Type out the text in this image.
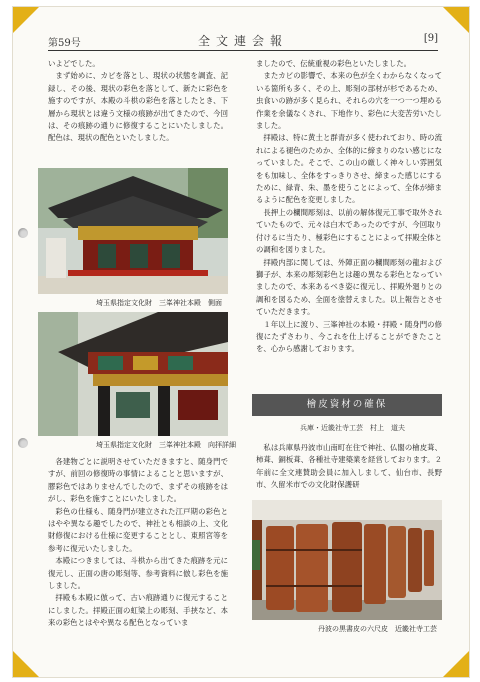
第59号	全文連会報	[9]

いよどでした。

まず始めに、カビを落とし、現状の状態を調査、記録し、その後、現状の彩色を落として、新たに彩色を施すのですが、本殿の斗栱の彩色を落としたとき、下層から現状とは違う文様の痕跡が出てきたので、今回は、その痕跡の通りに修復することにいたしました。配色は、現状の配色といたしました。

埼玉県指定文化財　三峯神社本殿　側面
埼玉県指定文化財　三峯神社本殿　向拝詳細

各建物ごとに説明させていただきますと、随身門ですが、前回の修復時の事情によることと思いますが、膠彩色ではありませんでしたので、まずその痕跡をはがし、彩色を施すことにいたしました。

彩色の仕様も、随身門が建立された江戸期の彩色とはやや異なる趣でしたので、神社とも相談の上、文化財修復における仕様に変更することとし、東照宮等を参考に復元いたしました。

本殿につきましては、斗栱から出てきた痕跡を元に復元し、正面の唐の彫刻等、参考資料に倣し彩色を施しました。

拝殿も本殿に倣って、古い痕跡通りに復元することにしました。拝殿正面の虹梁上の彫刻、手挟など、本来の彩色とはやや異なる配色となっていま

ましたので、伝統重視の彩色といたしました。

またカビの影響で、本来の色が全くわからなくなっている箇所も多く、その上、彫刻の部材が杉であるため、虫食いの跡が多く見られ、それらの穴を一つ一つ埋める作業を余儀なくされ、下地作り、彩色に大変苦労いたしました。

拝殿は、特に黄土と群青が多く使われており、時の流れによる褪色のためか、全体的に締まりのない感じになっていました。そこで、この山の厳しく神々しい雰囲気をも加味し、全体をすっきりさせ、締まった感じにするために、緑青、朱、墨を使うことによって、全体が締まるように配色を変更しました。

長押上の欄間彫刻は、以前の解体復元工事で取外されていたもので、元々は白木であったのですが、今回取り付けるに当たり、極彩色にすることによって拝殿全体との調和を図りました。

拝殿内部に関しては、外陣正面の欄間彫刻の龍および獅子が、本来の彫刻彩色とは趣の異なる彩色となっていましたので、本来あるべき姿に復元し、拝殿外廻りとの調和を図るため、全面を塗替えました。以上報告とさせていただきます。

１年以上に渡り、三峯神社の本殿・拝殿・随身門の修復にたずさわり、今これを仕上げることができたことを、心から感謝しております。

檜皮資材の確保
兵庫・近畿社寺工芸　村上　道夫

私は兵庫県丹波市山南町在住で神社、仏閣の檜皮葺、柿葺、銅板葺、各種社寺建築業を経営しております。２年前に全文連賛助会員に加入しまして、仙台市、長野市、久留米市での文化財保護研

丹波の黒書皮の六尺皮　近畿社寺工芸
